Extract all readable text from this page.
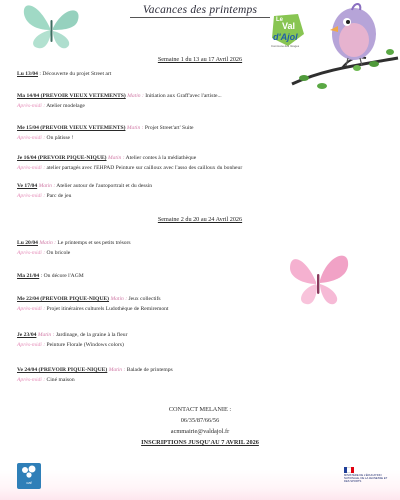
Le
Val
d'Ajol
Commune des Vosges
Vacances des printemps
Semaine 1 du 13 au 17 Avril 2026
Lu 13/04 : Découverte du projet Street art
Ma 14/04 (PREVOIR VIEUX VETEMENTS) Matin : Initiation aux Graff'avec l'artiste...
Après-midi : Atelier modelage
Me 15/04 (PREVOIR VIEUX VETEMENTS) Matin : Projet Street'art' Suite
Après-midi : On pâtisse !
Je 16/04 (PREVOIR PIQUE-NIQUE) Matin : Atelier contes à la médiathèque
Après-midi : atelier partagés avec l'EHPAD Peinture sur cailloux avec l'asso des cailloux du bonheur
Ve 17/04 Matin : Atelier autour de l'autoportrait et du dessin
Après-midi : Parc de jeu
Semaine 2 du 20 au 24 Avril 2026
Lu 20/04 Matin : Le printemps et ses petits trésors
Après-midi : On bricole
Ma 21/04 : On décore l'AGM
Me 22/04 (PREVOIR PIQUE-NIQUE) Matin : Jeux collectifs
Après-midi : Projet itinéraires culturels Ludothèque de Remiremont
Je 23/04 Matin : Jardinage, de la graine à la fleur
Après-midi : Peinture Florale (Windows colors)
Ve 24/04 (PREVOIR PIQUE-NIQUE) Matin : Balade de printemps
Après-midi : Ciné maison
CONTACT MELANIE :
06/35/87/66/56
acmmairie@valdajol.fr
INSCRIPTIONS JUSQU'AU 7 AVRIL 2026
caf
MINISTÈRE DE L'ÉDUCATION NATIONALE, DE LA JEUNESSE ET DES SPORTS
